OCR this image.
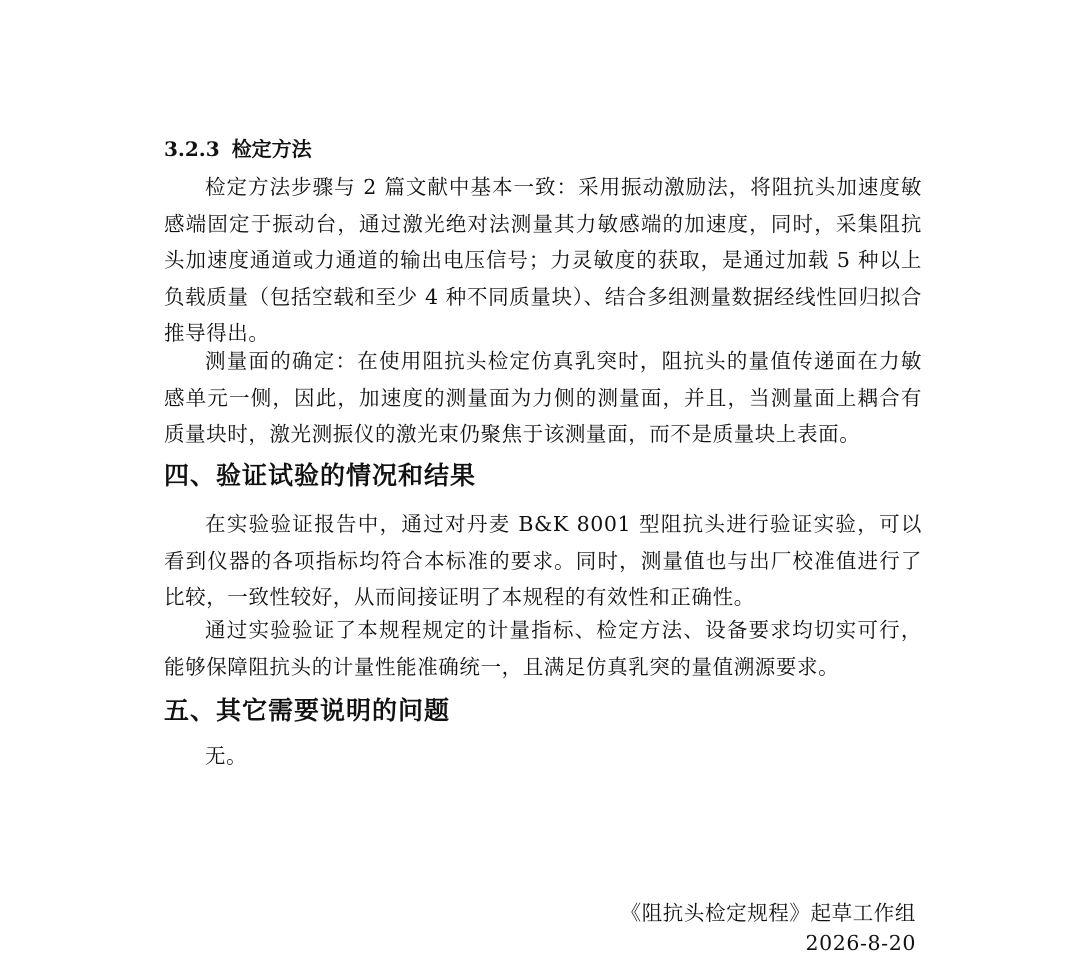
3.2.3 检定方法

检定方法步骤与 2 篇文献中基本一致：采用振动激励法，将阻抗头加速度敏感端固定于振动台，通过激光绝对法测量其力敏感端的加速度，同时，采集阻抗头加速度通道或力通道的输出电压信号；力灵敏度的获取，是通过加载 5 种以上负载质量（包括空载和至少 4 种不同质量块）、结合多组测量数据经线性回归拟合推导得出。

测量面的确定：在使用阻抗头检定仿真乳突时，阻抗头的量值传递面在力敏感单元一侧，因此，加速度的测量面为力侧的测量面，并且，当测量面上耦合有质量块时，激光测振仪的激光束仍聚焦于该测量面，而不是质量块上表面。

四、验证试验的情况和结果

在实验验证报告中，通过对丹麦 B&K 8001 型阻抗头进行验证实验，可以看到仪器的各项指标均符合本标准的要求。同时，测量值也与出厂校准值进行了比较，一致性较好，从而间接证明了本规程的有效性和正确性。

通过实验验证了本规程规定的计量指标、检定方法、设备要求均切实可行，能够保障阻抗头的计量性能准确统一，且满足仿真乳突的量值溯源要求。

五、其它需要说明的问题

无。

《阻抗头检定规程》起草工作组
2026-8-20
